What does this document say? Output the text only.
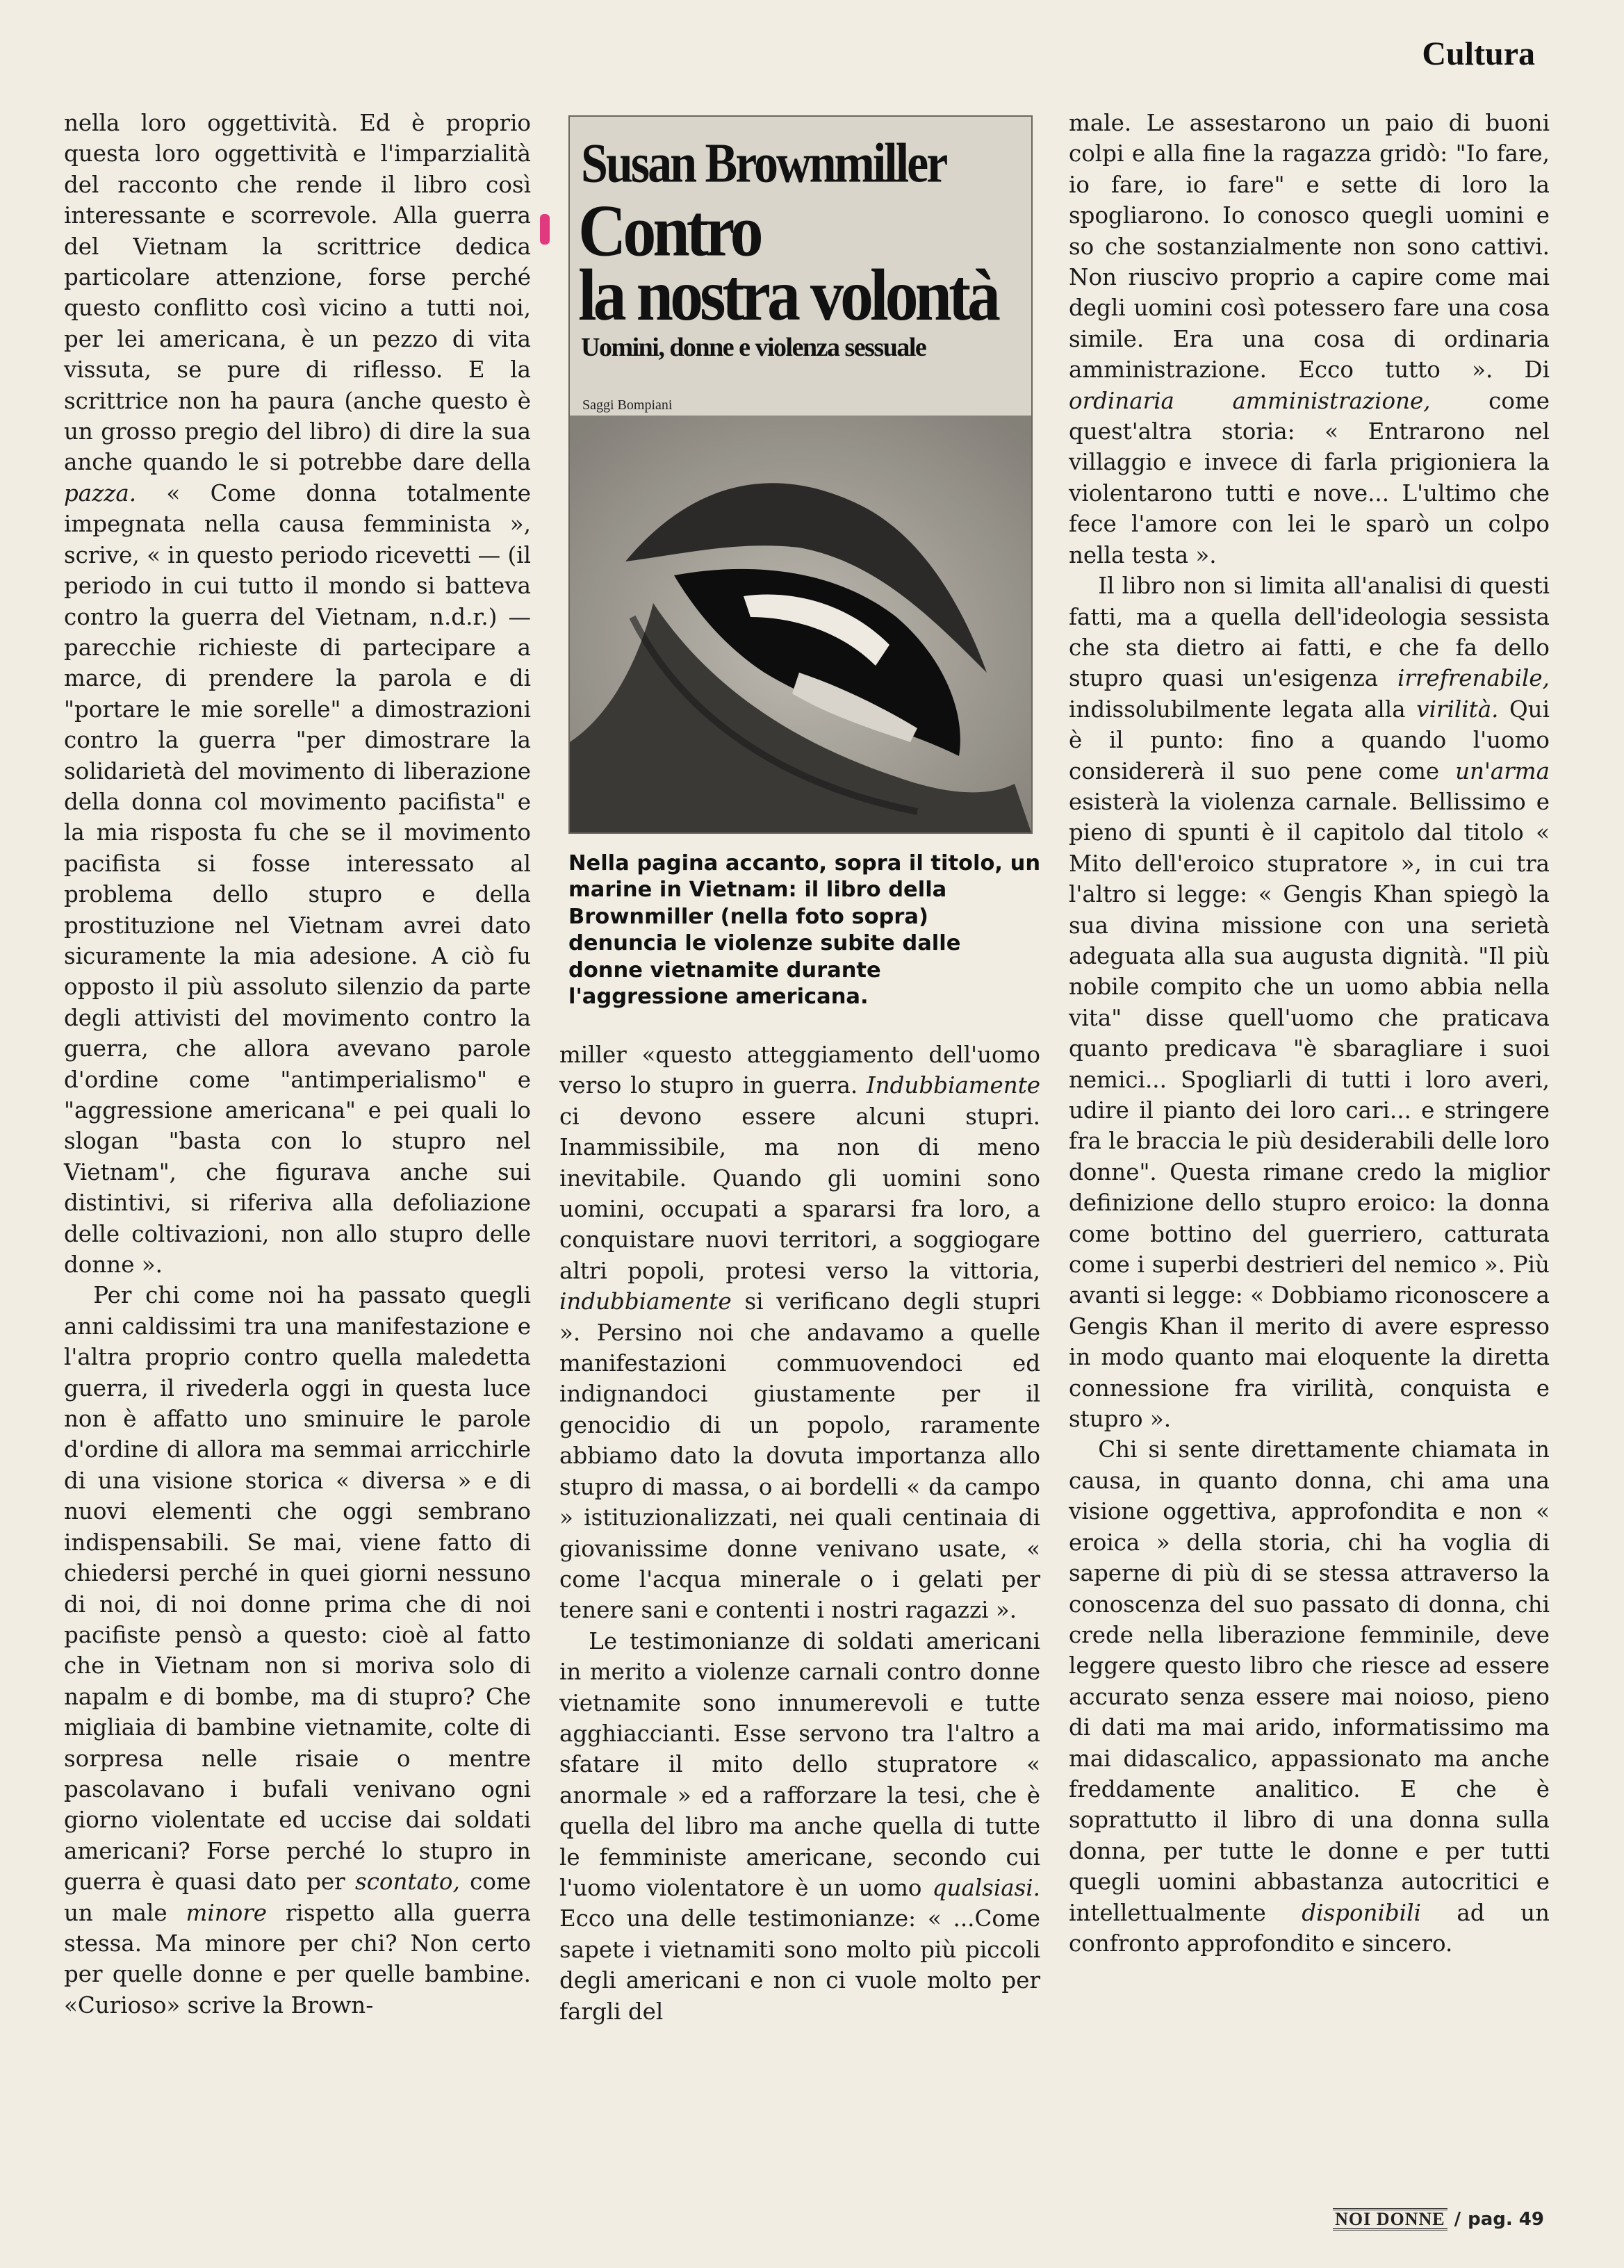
Cultura

nella loro oggettività. Ed è proprio questa loro oggettività e l'imparzialità del racconto che rende il libro così interessante e scorrevole. Alla guerra del Vietnam la scrittrice dedica particolare attenzione, forse perché questo conflitto così vicino a tutti noi, per lei americana, è un pezzo di vita vissuta, se pure di riflesso. E la scrittrice non ha paura (anche questo è un grosso pregio del libro) di dire la sua anche quando le si potrebbe dare della pazza. « Come donna totalmente impegnata nella causa femminista », scrive, « in questo periodo ricevetti — (il periodo in cui tutto il mondo si batteva contro la guerra del Vietnam, n.d.r.) — parecchie richieste di partecipare a marce, di prendere la parola e di "portare le mie sorelle" a dimostrazioni contro la guerra "per dimostrare la solidarietà del movimento di liberazione della donna col movimento pacifista" e la mia risposta fu che se il movimento pacifista si fosse interessato al problema dello stupro e della prostituzione nel Vietnam avrei dato sicuramente la mia adesione. A ciò fu opposto il più assoluto silenzio da parte degli attivisti del movimento contro la guerra, che allora avevano parole d'ordine come "antimperialismo" e "aggressione americana" e pei quali lo slogan "basta con lo stupro nel Vietnam", che figurava anche sui distintivi, si riferiva alla defoliazione delle coltivazioni, non allo stupro delle donne ».

Per chi come noi ha passato quegli anni caldissimi tra una manifestazione e l'altra proprio contro quella maledetta guerra, il rivederla oggi in questa luce non è affatto uno sminuire le parole d'ordine di allora ma semmai arricchirle di una visione storica « diversa » e di nuovi elementi che oggi sembrano indispensabili. Se mai, viene fatto di chiedersi perché in quei giorni nessuno di noi, di noi donne prima che di noi pacifiste pensò a questo: cioè al fatto che in Vietnam non si moriva solo di napalm e di bombe, ma di stupro? Che migliaia di bambine vietnamite, colte di sorpresa nelle risaie o mentre pascolavano i bufali venivano ogni giorno violentate ed uccise dai soldati americani? Forse perché lo stupro in guerra è quasi dato per scontato, come un male minore rispetto alla guerra stessa. Ma minore per chi? Non certo per quelle donne e per quelle bambine. «Curioso» scrive la Brown-

Susan Brownmiller
Contro
la nostra volontà
Uomini, donne e violenza sessuale
Saggi Bompiani
Nella pagina accanto, sopra il titolo, un marine in Vietnam: il libro della Brownmiller (nella foto sopra) denuncia le violenze subite dalle donne vietnamite durante l'aggressione americana.

miller «questo atteggiamento dell'uomo verso lo stupro in guerra. Indubbiamente ci devono essere alcuni stupri. Inammissibile, ma non di meno inevitabile. Quando gli uomini sono uomini, occupati a spararsi fra loro, a conquistare nuovi territori, a soggiogare altri popoli, protesi verso la vittoria, indubbiamente si verificano degli stupri ». Persino noi che andavamo a quelle manifestazioni commuovendoci ed indignandoci giustamente per il genocidio di un popolo, raramente abbiamo dato la dovuta importanza allo stupro di massa, o ai bordelli « da campo » istituzionalizzati, nei quali centinaia di giovanissime donne venivano usate, « come l'acqua minerale o i gelati per tenere sani e contenti i nostri ragazzi ».

Le testimonianze di soldati americani in merito a violenze carnali contro donne vietnamite sono innumerevoli e tutte agghiaccianti. Esse servono tra l'altro a sfatare il mito dello stupratore « anormale » ed a rafforzare la tesi, che è quella del libro ma anche quella di tutte le femministe americane, secondo cui l'uomo violentatore è un uomo qualsiasi. Ecco una delle testimonianze: « ...Come sapete i vietnamiti sono molto più piccoli degli americani e non ci vuole molto per fargli del

male. Le assestarono un paio di buoni colpi e alla fine la ragazza gridò: "Io fare, io fare, io fare" e sette di loro la spogliarono. Io conosco quegli uomini e so che sostanzialmente non sono cattivi. Non riuscivo proprio a capire come mai degli uomini così potessero fare una cosa simile. Era una cosa di ordinaria amministrazione. Ecco tutto ». Di ordinaria amministrazione,	come quest'altra storia: « Entrarono nel villaggio e invece di farla prigioniera la violentarono tutti e nove... L'ultimo che fece l'amore con lei le sparò un colpo nella testa ».

Il libro non si limita all'analisi di questi fatti, ma a quella dell'ideologia sessista che sta dietro ai fatti, e che fa dello stupro quasi un'esigenza irrefrenabile, indissolubilmente legata alla virilità. Qui è il punto: fino a quando l'uomo considererà il suo pene come un'arma esisterà la violenza carnale. Bellissimo e pieno di spunti è il capitolo dal titolo « Mito dell'eroico stupratore », in cui tra l'altro si legge: « Gengis Khan spiegò la sua divina missione con una serietà adeguata alla sua augusta dignità. "Il più nobile compito che un uomo abbia nella vita" disse quell'uomo che praticava quanto predicava "è sbaragliare i suoi nemici... Spogliarli di tutti i loro averi, udire il pianto dei loro cari... e stringere fra le braccia le più desiderabili delle loro donne". Questa rimane credo la miglior definizione dello stupro eroico: la donna come bottino del guerriero, catturata come i superbi destrieri del nemico ». Più avanti si legge: « Dobbiamo riconoscere a Gengis Khan il merito di avere espresso in modo quanto mai eloquente la diretta connessione fra virilità, conquista e stupro ».

Chi si sente direttamente chiamata in causa, in quanto donna, chi ama una visione oggettiva, approfondita e non « eroica » della storia, chi ha voglia di saperne di più di se stessa attraverso la conoscenza del suo passato di donna, chi crede nella liberazione femminile, deve leggere questo libro che riesce ad essere accurato senza essere mai noioso, pieno di dati ma mai arido, informatissimo ma mai didascalico, appassionato ma anche freddamente analitico. E che è soprattutto il libro di una donna sulla donna, per tutte le donne e per tutti quegli uomini abbastanza autocritici e intellettualmente disponibili ad un confronto approfondito e sincero.

NOI DONNE / pag. 49
